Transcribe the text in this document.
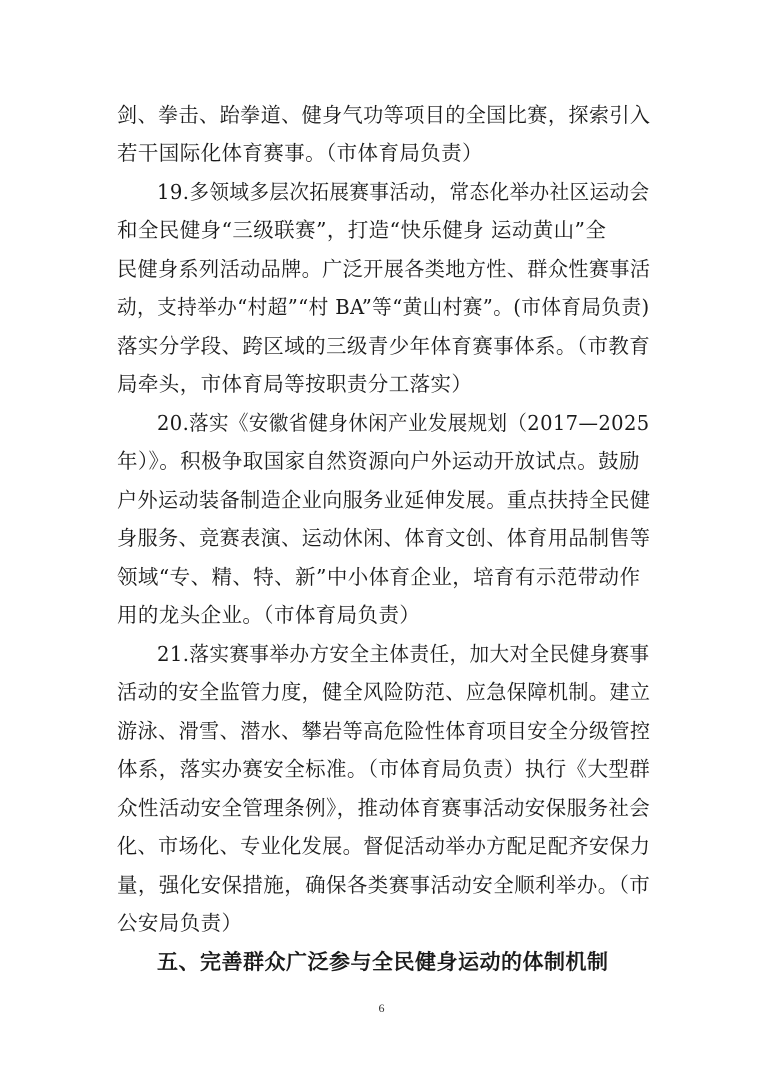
剑、拳击、跆拳道、健身气功等项目的全国比赛，探索引入
若干国际化体育赛事。（市体育局负责）
19.多领域多层次拓展赛事活动，常态化举办社区运动会
和全民健身“三级联赛”，打造“快乐健身 运动黄山”全
民健身系列活动品牌。广泛开展各类地方性、群众性赛事活
动，支持举办“村超”“村 BA”等“黄山村赛”。(市体育局负责)
落实分学段、跨区域的三级青少年体育赛事体系。（市教育
局牵头，市体育局等按职责分工落实）
20.落实《安徽省健身休闲产业发展规划（2017—2025
年）》。积极争取国家自然资源向户外运动开放试点。鼓励
户外运动装备制造企业向服务业延伸发展。重点扶持全民健
身服务、竞赛表演、运动休闲、体育文创、体育用品制售等
领域“专、精、特、新”中小体育企业，培育有示范带动作
用的龙头企业。（市体育局负责）
21.落实赛事举办方安全主体责任，加大对全民健身赛事
活动的安全监管力度，健全风险防范、应急保障机制。建立
游泳、滑雪、潜水、攀岩等高危险性体育项目安全分级管控
体系，落实办赛安全标准。（市体育局负责）执行《大型群
众性活动安全管理条例》，推动体育赛事活动安保服务社会
化、市场化、专业化发展。督促活动举办方配足配齐安保力
量，强化安保措施，确保各类赛事活动安全顺利举办。（市
公安局负责）
五、完善群众广泛参与全民健身运动的体制机制
6
